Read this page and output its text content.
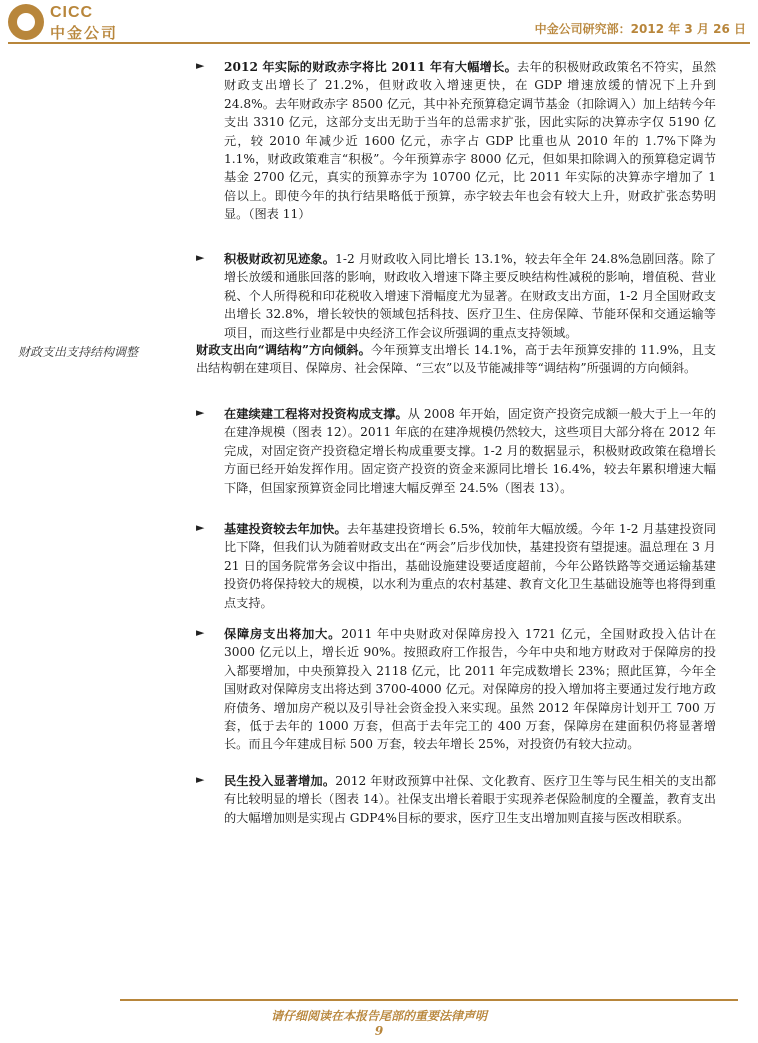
CICC
中金公司	中金公司研究部：2012 年 3 月 26 日
► 2012 年实际的财政赤字将比 2011 年有大幅增长。去年的积极财政政策名不符实，虽然财政支出增长了 21.2%，但财政收入增速更快，在 GDP 增速放缓的情况下上升到 24.8%。去年财政赤字 8500 亿元，其中补充预算稳定调节基金（扣除调入）加上结转今年支出 3310 亿元，这部分支出无助于当年的总需求扩张，因此实际的决算赤字仅 5190 亿元，较 2010 年减少近 1600 亿元，赤字占 GDP 比重也从 2010 年的 1.7%下降为 1.1%，财政政策难言“积极”。今年预算赤字 8000 亿元，但如果扣除调入的预算稳定调节基金 2700 亿元，真实的预算赤字为 10700 亿元，比 2011 年实际的决算赤字增加了 1 倍以上。即使今年的执行结果略低于预算，赤字较去年也会有较大上升，财政扩张态势明显。（图表 11）

► 积极财政初见迹象。1-2 月财政收入同比增长 13.1%，较去年全年 24.8%急剧回落。除了增长放缓和通胀回落的影响，财政收入增速下降主要反映结构性减税的影响，增值税、营业税、个人所得税和印花税收入增速下滑幅度尤为显著。在财政支出方面，1-2 月全国财政支出增长 32.8%，增长较快的领域包括科技、医疗卫生、住房保障、节能环保和交通运输等项目，而这些行业都是中央经济工作会议所强调的重点支持领域。

财政支出支持结构调整	财政支出向“调结构”方向倾斜。今年预算支出增长 14.1%，高于去年预算安排的 11.9%，且支出结构朝在建项目、保障房、社会保障、“三农”以及节能减排等“调结构”所强调的方向倾斜。

► 在建续建工程将对投资构成支撑。从 2008 年开始，固定资产投资完成额一般大于上一年的在建净规模（图表 12）。2011 年底的在建净规模仍然较大，这些项目大部分将在 2012 年完成，对固定资产投资稳定增长构成重要支撑。1-2 月的数据显示，积极财政政策在稳增长方面已经开始发挥作用。固定资产投资的资金来源同比增长 16.4%，较去年累积增速大幅下降，但国家预算资金同比增速大幅反弹至 24.5%（图表 13）。

► 基建投资较去年加快。去年基建投资增长 6.5%，较前年大幅放缓。今年 1-2 月基建投资同比下降，但我们认为随着财政支出在“两会”后步伐加快，基建投资有望提速。温总理在 3 月 21 日的国务院常务会议中指出，基础设施建设要适度超前，今年公路铁路等交通运输基建投资仍将保持较大的规模，以水利为重点的农村基建、教育文化卫生基础设施等也将得到重点支持。

► 保障房支出将加大。2011 年中央财政对保障房投入 1721 亿元，全国财政投入估计在 3000 亿元以上，增长近 90%。按照政府工作报告，今年中央和地方财政对于保障房的投入都要增加，中央预算投入 2118 亿元，比 2011 年完成数增长 23%；照此匡算，今年全国财政对保障房支出将达到 3700-4000 亿元。对保障房的投入增加将主要通过发行地方政府债务、增加房产税以及引导社会资金投入来实现。虽然 2012 年保障房计划开工 700 万套，低于去年的 1000 万套，但高于去年完工的 400 万套，保障房在建面积仍将显著增长。而且今年建成目标 500 万套，较去年增长 25%，对投资仍有较大拉动。

► 民生投入显著增加。2012 年财政预算中社保、文化教育、医疗卫生等与民生相关的支出都有比较明显的增长（图表 14）。社保支出增长着眼于实现养老保险制度的全覆盖，教育支出的大幅增加则是实现占 GDP4%目标的要求，医疗卫生支出增加则直接与医改相联系。

请仔细阅读在本报告尾部的重要法律声明
9
